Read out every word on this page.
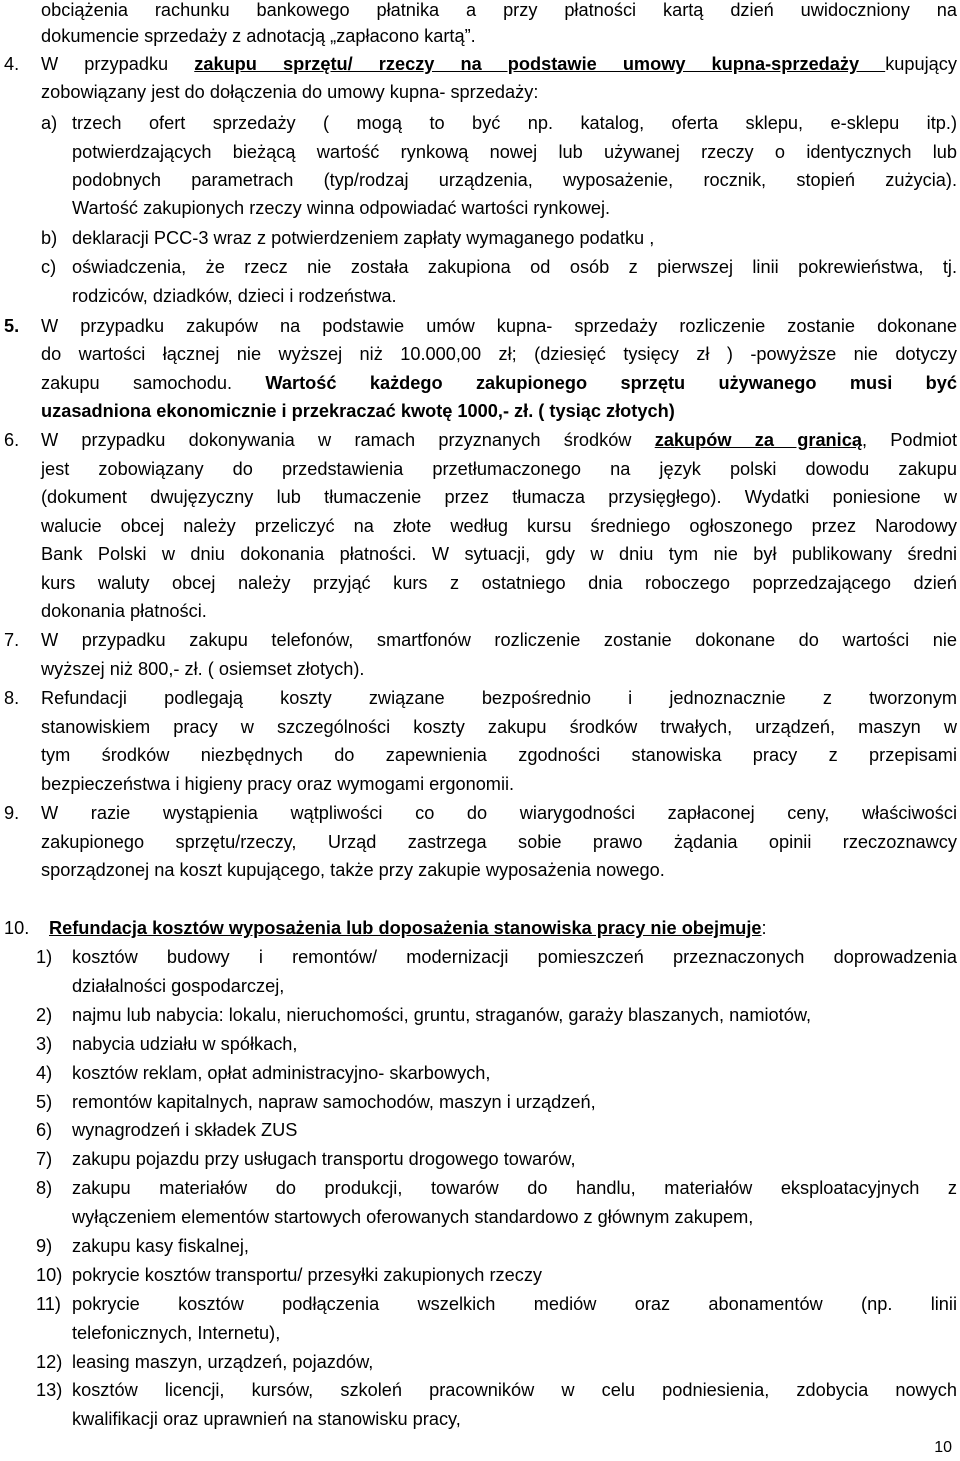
obciążenia rachunku bankowego płatnika a przy płatności kartą dzień uwidoczniony na
dokumencie sprzedaży z adnotacją „zapłacono kartą”.
4. W przypadku zakupu sprzętu/ rzeczy na podstawie umowy kupna-sprzedaży kupujący
zobowiązany jest do dołączenia do umowy kupna- sprzedaży:
a) trzech ofert sprzedaży ( mogą to być np. katalog, oferta sklepu, e-sklepu itp.)
potwierdzających bieżącą wartość rynkową nowej lub używanej rzeczy o identycznych lub
podobnych parametrach (typ/rodzaj urządzenia, wyposażenie, rocznik, stopień zużycia).
Wartość zakupionych rzeczy winna odpowiadać wartości rynkowej.
b) deklaracji PCC-3 wraz z potwierdzeniem zapłaty wymaganego podatku ,
c) oświadczenia, że rzecz nie została zakupiona od osób z pierwszej linii pokrewieństwa, tj.
rodziców, dziadków, dzieci i rodzeństwa.
5. W przypadku zakupów na podstawie umów kupna- sprzedaży rozliczenie zostanie dokonane
do wartości łącznej nie wyższej niż 10.000,00 zł; (dziesięć tysięcy zł ) -powyższe nie dotyczy
zakupu samochodu. Wartość każdego zakupionego sprzętu używanego musi być
uzasadniona ekonomicznie i przekraczać kwotę 1000,- zł. ( tysiąc złotych)
6. W przypadku dokonywania w ramach przyznanych środków zakupów za granicą, Podmiot
jest zobowiązany do przedstawienia przetłumaczonego na język polski dowodu zakupu
(dokument dwujęzyczny lub tłumaczenie przez tłumacza przysięgłego). Wydatki poniesione w
walucie obcej należy przeliczyć na złote według kursu średniego ogłoszonego przez Narodowy
Bank Polski w dniu dokonania płatności. W sytuacji, gdy w dniu tym nie był publikowany średni
kurs waluty obcej należy przyjąć kurs z ostatniego dnia roboczego poprzedzającego dzień
dokonania płatności.
7. W przypadku zakupu telefonów, smartfonów rozliczenie zostanie dokonane do wartości nie
wyższej niż 800,- zł. ( osiemset złotych).
8. Refundacji podlegają koszty związane bezpośrednio i jednoznacznie z tworzonym
stanowiskiem pracy w szczególności koszty zakupu środków trwałych, urządzeń, maszyn w
tym środków niezbędnych do zapewnienia zgodności stanowiska pracy z przepisami
bezpieczeństwa i higieny pracy oraz wymogami ergonomii.
9. W razie wystąpienia wątpliwości co do wiarygodności zapłaconej ceny, właściwości
zakupionego sprzętu/rzeczy, Urząd zastrzega sobie prawo żądania opinii rzeczoznawcy
sporządzonej na koszt kupującego, także przy zakupie wyposażenia nowego.
10. Refundacja kosztów wyposażenia lub doposażenia stanowiska pracy nie obejmuje:
1) kosztów budowy i remontów/ modernizacji pomieszczeń przeznaczonych doprowadzenia
działalności gospodarczej,
2) najmu lub nabycia: lokalu, nieruchomości, gruntu, straganów, garaży blaszanych, namiotów,
3) nabycia udziału w spółkach,
4) kosztów reklam, opłat administracyjno- skarbowych,
5) remontów kapitalnych, napraw samochodów, maszyn i urządzeń,
6) wynagrodzeń i składek ZUS
7) zakupu pojazdu przy usługach transportu drogowego towarów,
8) zakupu materiałów do produkcji, towarów do handlu, materiałów eksploatacyjnych z
wyłączeniem elementów startowych oferowanych standardowo z głównym zakupem,
9) zakupu kasy fiskalnej,
10) pokrycie kosztów transportu/ przesyłki zakupionych rzeczy
11) pokrycie kosztów podłączenia wszelkich mediów oraz abonamentów (np. linii
telefonicznych, Internetu),
12) leasing maszyn, urządzeń, pojazdów,
13) kosztów licencji, kursów, szkoleń pracowników w celu podniesienia, zdobycia nowych
kwalifikacji oraz uprawnień na stanowisku pracy,
10
